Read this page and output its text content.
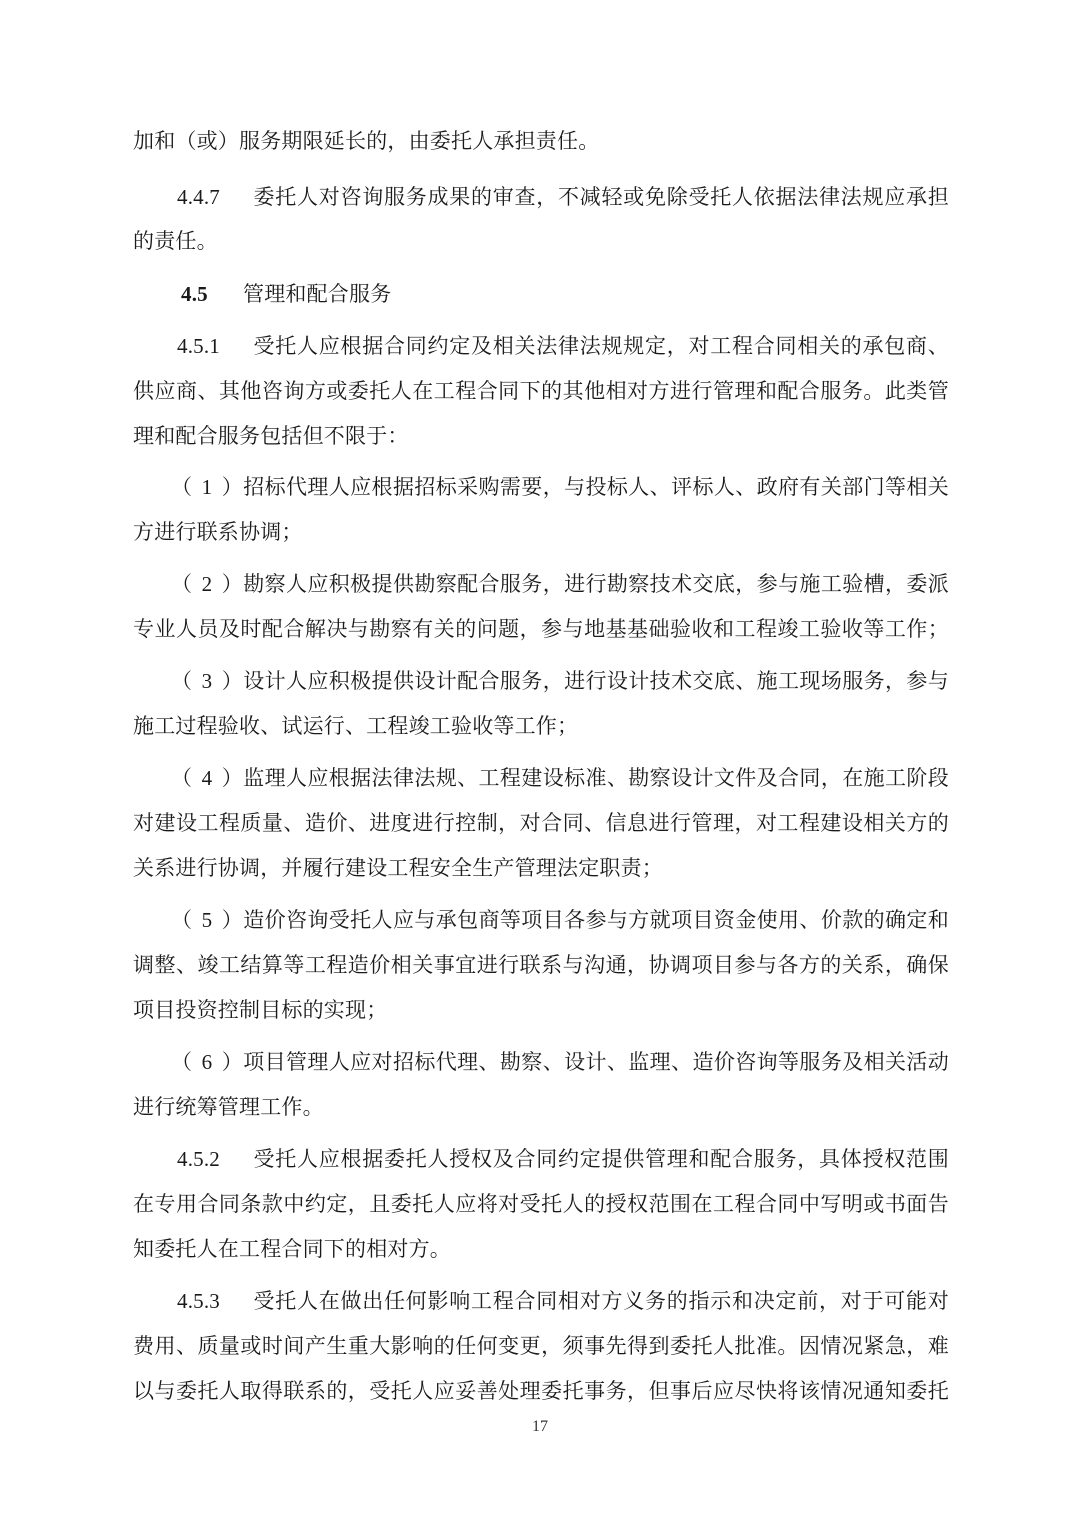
加和（或）服务期限延长的，由委托人承担责任。
4.4.7 委托人对咨询服务成果的审查，不减轻或免除受托人依据法律法规应承担
的责任。
4.5 管理和配合服务
4.5.1 受托人应根据合同约定及相关法律法规规定，对工程合同相关的承包商、
供应商、其他咨询方或委托人在工程合同下的其他相对方进行管理和配合服务。此类管
理和配合服务包括但不限于：
（1）招标代理人应根据招标采购需要，与投标人、评标人、政府有关部门等相关
方进行联系协调；
（2）勘察人应积极提供勘察配合服务，进行勘察技术交底，参与施工验槽，委派
专业人员及时配合解决与勘察有关的问题，参与地基基础验收和工程竣工验收等工作；
（3）设计人应积极提供设计配合服务，进行设计技术交底、施工现场服务，参与
施工过程验收、试运行、工程竣工验收等工作；
（4）监理人应根据法律法规、工程建设标准、勘察设计文件及合同，在施工阶段
对建设工程质量、造价、进度进行控制，对合同、信息进行管理，对工程建设相关方的
关系进行协调，并履行建设工程安全生产管理法定职责；
（5）造价咨询受托人应与承包商等项目各参与方就项目资金使用、价款的确定和
调整、竣工结算等工程造价相关事宜进行联系与沟通，协调项目参与各方的关系，确保
项目投资控制目标的实现；
（6）项目管理人应对招标代理、勘察、设计、监理、造价咨询等服务及相关活动
进行统筹管理工作。
4.5.2 受托人应根据委托人授权及合同约定提供管理和配合服务，具体授权范围
在专用合同条款中约定，且委托人应将对受托人的授权范围在工程合同中写明或书面告
知委托人在工程合同下的相对方。
4.5.3 受托人在做出任何影响工程合同相对方义务的指示和决定前，对于可能对
费用、质量或时间产生重大影响的任何变更，须事先得到委托人批准。因情况紧急，难
以与委托人取得联系的，受托人应妥善处理委托事务，但事后应尽快将该情况通知委托
17
